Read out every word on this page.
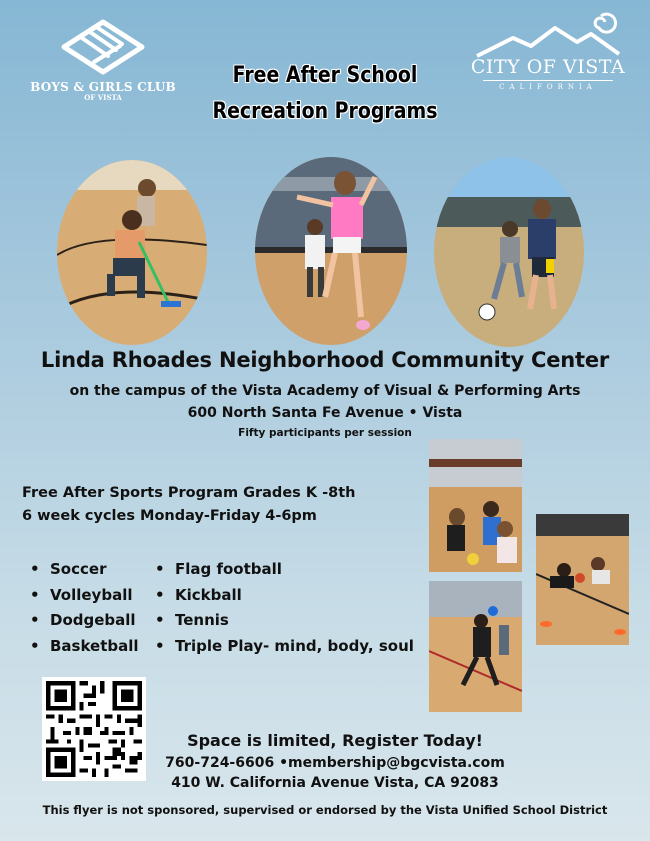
BOYS & GIRLS CLUB
OF VISTA
CITY OF VISTA
CALIFORNIA
Free After School
Recreation Programs
Linda Rhoades Neighborhood Community Center
on the campus of the Vista Academy of Visual & Performing Arts
600 North Santa Fe Avenue • Vista
Fifty participants per session
Free After Sports Program Grades K -8th
6 week cycles Monday-Friday 4-6pm
• Soccer
• Volleyball
• Dodgeball
• Basketball
• Flag football
• Kickball
• Tennis
• Triple Play- mind, body, soul
Space is limited, Register Today!
760-724-6606 •membership@bgcvista.com
410 W. California Avenue Vista, CA 92083
This flyer is not sponsored, supervised or endorsed by the Vista Unified School District
